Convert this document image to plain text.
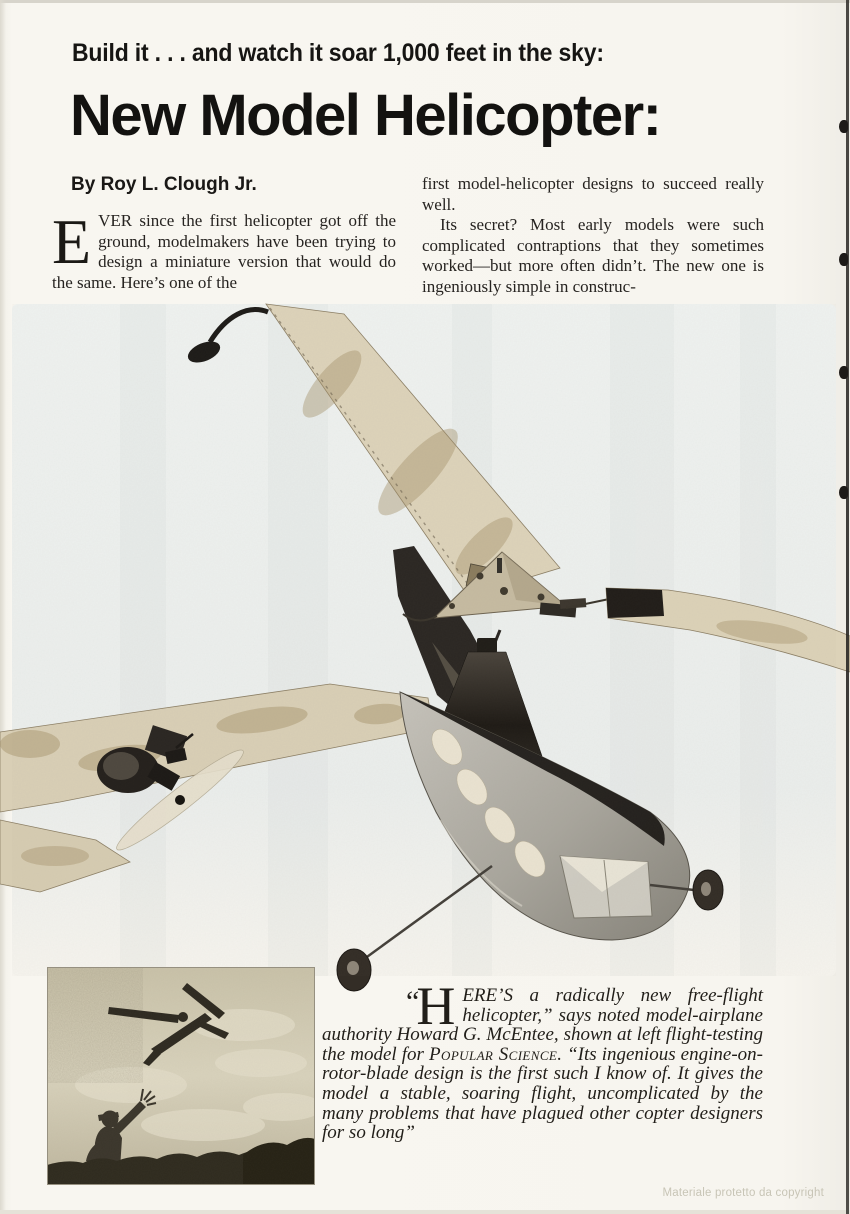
Build it . . . and watch it soar 1,000 feet in the sky:
New Model Helicopter:
By Roy L. Clough Jr.
EVER since the first helicopter got off the ground, modelmakers have been trying to design a miniature version that would do the same. Here’s one of the

first model-helicopter designs to succeed really well.

Its secret? Most early models were such complicated contraptions that they sometimes worked—but more often didn’t. The new one is ingeniously simple in construc-

“H ERE’S a radically new free-flight helicopter,” says noted model-airplane authority Howard G. McEntee, shown at left flight-testing the model for Popular Science. “Its ingenious engine-on-rotor-blade design is the first such I know of. It gives the model a stable, soaring flight, uncomplicated by the many problems that have plagued other copter designers for so long”
Materiale protetto da copyright
